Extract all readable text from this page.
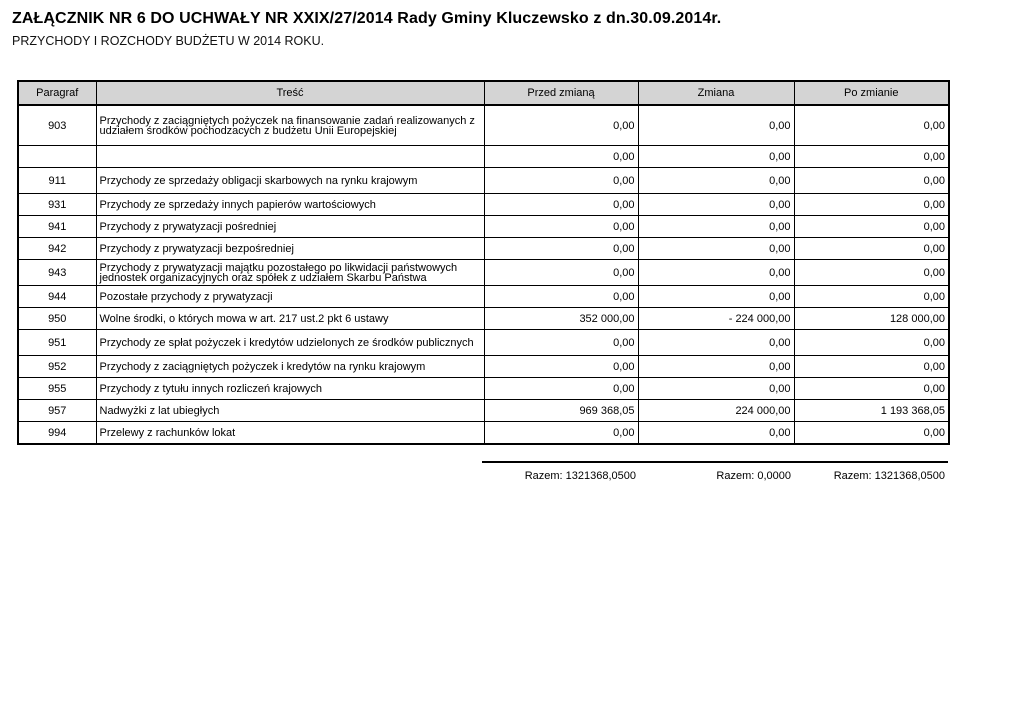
ZAŁĄCZNIK NR 6 DO UCHWAŁY NR XXIX/27/2014 Rady Gminy Kluczewsko z dn.30.09.2014r.
PRZYCHODY I ROZCHODY BUDŻETU W 2014 ROKU.
Paragraf	Treść	Przed zmianą	Zmiana	Po zmianie
903	Przychody z zaciągniętych pożyczek na finansowanie zadań realizowanych z udziałem środków pochodzacych z budżetu Unii Europejskiej	0,00	0,00	0,00
		0,00	0,00	0,00
911	Przychody ze sprzedaży obligacji skarbowych na rynku krajowym	0,00	0,00	0,00
931	Przychody ze sprzedaży innych papierów wartościowych	0,00	0,00	0,00
941	Przychody z prywatyzacji pośredniej	0,00	0,00	0,00
942	Przychody z prywatyzacji bezpośredniej	0,00	0,00	0,00
943	Przychody z prywatyzacji majątku pozostałego po likwidacji państwowych jednostek organizacyjnych oraz spółek z udziałem Skarbu Państwa	0,00	0,00	0,00
944	Pozostałe przychody z prywatyzacji	0,00	0,00	0,00
950	Wolne środki, o których mowa w art. 217 ust.2 pkt 6 ustawy	352 000,00	- 224 000,00	128 000,00
951	Przychody ze spłat pożyczek i kredytów udzielonych ze środków publicznych	0,00	0,00	0,00
952	Przychody z zaciągniętych pożyczek i kredytów na rynku krajowym	0,00	0,00	0,00
955	Przychody z tytułu innych rozliczeń krajowych	0,00	0,00	0,00
957	Nadwyżki z lat ubiegłych	969 368,05	224 000,00	1 193 368,05
994	Przelewy z rachunków lokat	0,00	0,00	0,00
Razem: 1321368,0500	Razem: 0,0000	Razem: 1321368,0500
